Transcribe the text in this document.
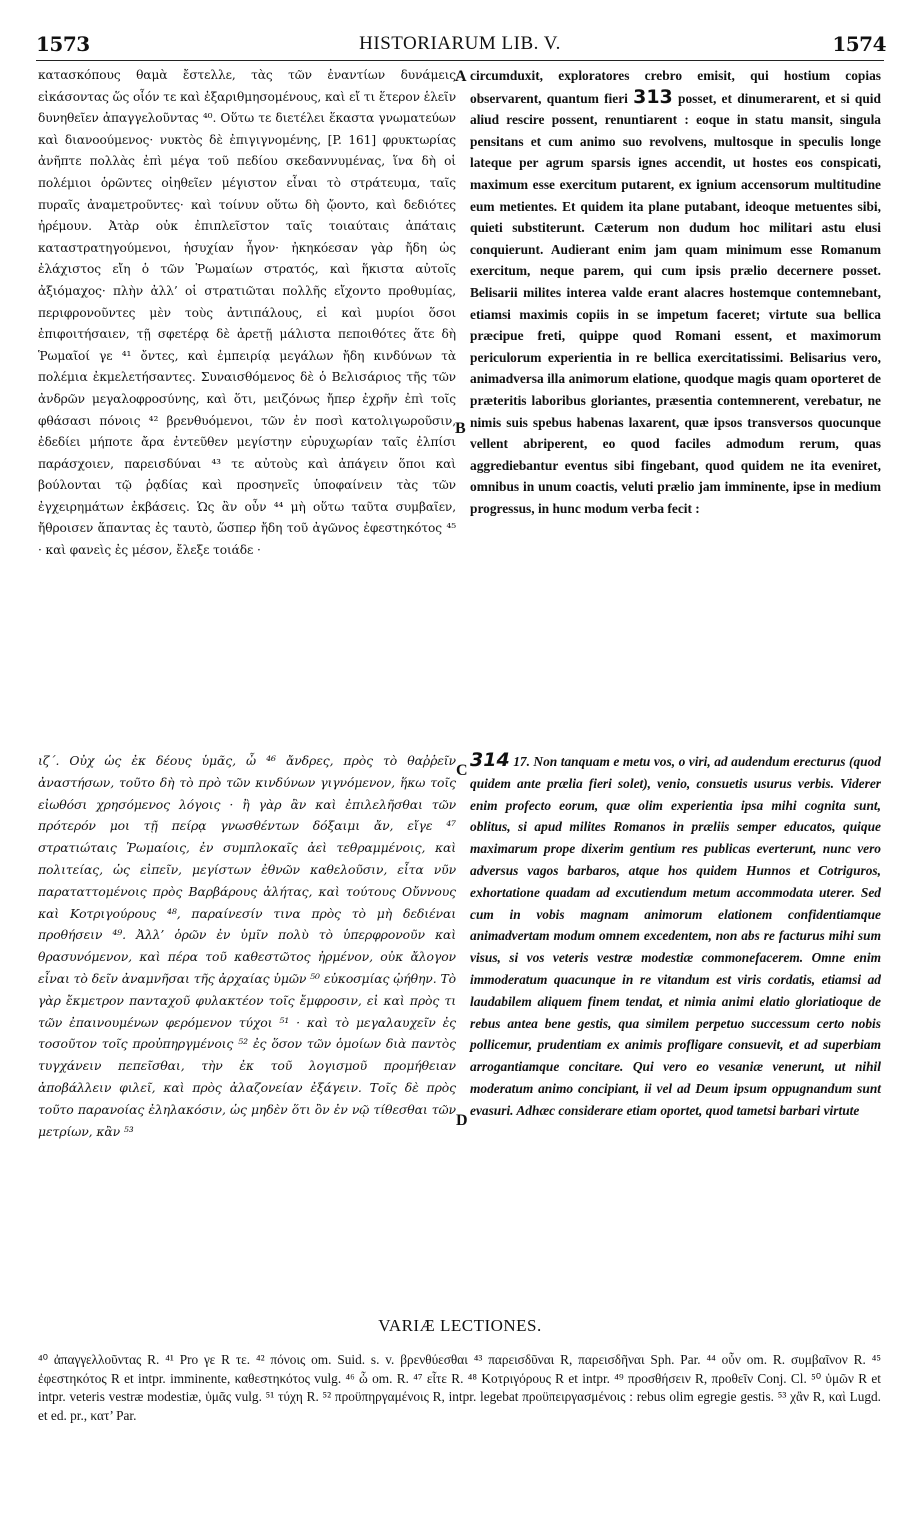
1573	HISTORIARUM LIB. V.	1574
A
B
C
D

κατασκόπους θαμὰ ἔστελλε, τὰς τῶν ἐναντίων δυνάμεις εἰκάσοντας ὥς οἷόν τε καὶ ἐξαριθμησομένους, καὶ εἴ τι ἕτερον ἑλεῖν δυνηθεῖεν ἀπαγγελοῦντας ⁴⁰. Οὕτω τε διετέλει ἕκαστα γνωματεύων καὶ διανοούμενος· νυκτὸς δὲ ἐπιγιγνομένης, [P. 161] φρυκτωρίας ἀνῆπτε πολλὰς ἐπὶ μέγα τοῦ πεδίου σκεδαννυμένας, ἵνα δὴ οἱ πολέμιοι ὁρῶντες οἰηθεῖεν μέγιστον εἶναι τὸ στράτευμα, ταῖς πυραῖς ἀναμετροῦντες· καὶ τοίνυν οὕτω δὴ ᾤοντο, καὶ δεδιότες ἠρέμουν. Ἀτὰρ οὐκ ἐπιπλεῖστον ταῖς τοιαύταις ἀπάταις καταστρατηγούμενοι, ἡσυχίαν ἦγον· ἠκηκόεσαν γὰρ ἤδη ὡς ἐλάχιστος εἴη ὁ τῶν Ῥωμαίων στρατός, καὶ ἥκιστα αὐτοῖς ἀξιόμαχος· πλὴν ἀλλ’ οἱ στρατιῶται πολλῆς εἴχοντο προθυμίας, περιφρονοῦντες μὲν τοὺς ἀντιπάλους, εἰ καὶ μυρίοι ὅσοι ἐπιφοιτήσαιεν, τῇ σφετέρᾳ δὲ ἀρετῇ μάλιστα πεποιθότες ἅτε δὴ Ῥωμαῖοί γε ⁴¹ ὄντες, καὶ ἐμπειρίᾳ μεγάλων ἤδη κινδύνων τὰ πολέμια ἐκμελετήσαντες. Συναισθόμενος δὲ ὁ Βελισάριος τῆς τῶν ἀνδρῶν μεγαλοφροσύνης, καὶ ὅτι, μειζόνως ἤπερ ἐχρῆν ἐπὶ τοῖς φθάσασι πόνοις ⁴² βρενθυόμενοι, τῶν ἐν ποσὶ κατολιγωροῦσιν, ἐδεδίει μήποτε ἄρα ἐντεῦθεν μεγίστην εὐρυχωρίαν ταῖς ἐλπίσι παράσχοιεν, παρεισδύναι ⁴³ τε αὐτοὺς καὶ ἀπάγειν ὅποι καὶ βούλονται τῷ ῥᾳδίας καὶ προσηνεῖς ὑποφαίνειν τὰς τῶν ἐγχειρημάτων ἐκβάσεις. Ὡς ἂν οὖν ⁴⁴ μὴ οὕτω ταῦτα συμβαῖεν, ἤθροισεν ἅπαντας ἐς ταυτὸ, ὥσπερ ἤδη τοῦ ἀγῶνος ἐφεστηκότος ⁴⁵ · καὶ φανεὶς ἐς μέσον, ἔλεξε τοιάδε ·

circumduxit, exploratores crebro emisit, qui hostium copias observarent, quantum fieri 313 posset, et dinumerarent, et si quid aliud rescire possent, renuntiarent : eoque in statu mansit, singula pensitans et cum animo suo revolvens, multosque in speculis longe lateque per agrum sparsis ignes accendit, ut hostes eos conspicati, maximum esse exercitum putarent, ex ignium accensorum multitudine eum metientes. Et quidem ita plane putabant, ideoque metuentes sibi, quieti substiterunt. Cæterum non dudum hoc militari astu elusi conquierunt. Audierant enim jam quam minimum esse Romanum exercitum, neque parem, qui cum ipsis prælio decernere posset. Belisarii milites interea valde erant alacres hostemque contemnebant, etiamsi maximis copiis in se impetum faceret; virtute sua bellica præcipue freti, quippe quod Romani essent, et maximorum periculorum experientia in re bellica exercitatissimi. Belisarius vero, animadversa illa animorum elatione, quodque magis quam oporteret de præteritis laboribus gloriantes, præsentia contemnerent, verebatur, ne nimis suis spebus habenas laxarent, quæ ipsos transversos quocunque vellent abriperent, eo quod faciles admodum rerum, quas aggrediebantur eventus sibi fingebant, quod quidem ne ita eveniret, omnibus in unum coactis, veluti prælio jam imminente, ipse in medium progressus, in hunc modum verba fecit :

ιζ΄. Οὐχ ὡς ἐκ δέους ὑμᾶς, ὦ ⁴⁶ ἄνδρες, πρὸς τὸ θαῤῥεῖν ἀναστήσων, τοῦτο δὴ τὸ πρὸ τῶν κινδύνων γιγνόμενον, ἥκω τοῖς εἰωθόσι χρησόμενος λόγοις · ἢ γὰρ ἂν καὶ ἐπιλελῆσθαι τῶν πρότερόν μοι τῇ πείρᾳ γνωσθέντων δόξαιμι ἄν, εἴγε ⁴⁷ στρατιώταις Ῥωμαίοις, ἐν συμπλοκαῖς ἀεὶ τεθραμμένοις, καὶ πολιτείας, ὡς εἰπεῖν, μεγίστων ἐθνῶν καθελοῦσιν, εἶτα νῦν παραταττομένοις πρὸς Βαρβάρους ἀλήτας, καὶ τούτους Οὔννους καὶ Κοτριγούρους ⁴⁸, παραίνεσίν τινα πρὸς τὸ μὴ δεδιέναι προθήσειν ⁴⁹. Ἀλλ’ ὁρῶν ἐν ὑμῖν πολὺ τὸ ὑπερφρονοῦν καὶ θρασυνόμενον, καὶ πέρα τοῦ καθεστῶτος ἠρμένον, οὐκ ἄλογον εἶναι τὸ δεῖν ἀναμνῆσαι τῆς ἀρχαίας ὑμῶν ⁵⁰ εὐκοσμίας ᾠήθην. Τὸ γὰρ ἔκμετρον πανταχοῦ φυλακτέον τοῖς ἔμφροσιν, εἰ καὶ πρὸς τι τῶν ἐπαινουμένων φερόμενον τύχοι ⁵¹ · καὶ τὸ μεγαλαυχεῖν ἐς τοσοῦτον τοῖς προὐπηργμένοις ⁵² ἐς ὅσον τῶν ὁμοίων διὰ παντὸς τυγχάνειν πεπεῖσθαι, τὴν ἐκ τοῦ λογισμοῦ προμήθειαν ἀποβάλλειν φιλεῖ, καὶ πρὸς ἀλαζονείαν ἐξάγειν. Τοῖς δὲ πρὸς τοῦτο παρανοίας ἐληλακόσιν, ὡς μηδὲν ὅτι ὂν ἐν νῷ τίθεσθαι τῶν μετρίων, κἂν ⁵³

314 17. Non tanquam e metu vos, o viri, ad audendum erecturus (quod quidem ante prælia fieri solet), venio, consuetis usurus verbis. Viderer enim profecto eorum, quæ olim experientia ipsa mihi cognita sunt, oblitus, si apud milites Romanos in præliis semper educatos, quique maximarum prope dixerim gentium res publicas everterunt, nunc vero adversus vagos barbaros, atque hos quidem Hunnos et Cotriguros, exhortatione quadam ad excutiendum metum accommodata uterer. Sed cum in vobis magnam animorum elationem confidentiamque animadvertam modum omnem excedentem, non abs re facturus mihi sum visus, si vos veteris vestræ modestiæ commonefacerem. Omne enim immoderatum quacunque in re vitandum est viris cordatis, etiamsi ad laudabilem aliquem finem tendat, et nimia animi elatio gloriatioque de rebus antea bene gestis, qua similem perpetuo successum certo nobis pollicemur, prudentiam ex animis profligare consuevit, et ad superbiam arrogantiamque concitare. Qui vero eo vesaniæ venerunt, ut nihil moderatum animo concipiant, ii vel ad Deum ipsum oppugnandum sunt evasuri. Adhæc considerare etiam oportet, quod tametsi barbari virtute

VARIÆ LECTIONES.
⁴⁰ ἀπαγγελλοῦντας R. ⁴¹ Pro γε R τε. ⁴² πόνοις om. Suid. s. v. βρενθύεσθαι ⁴³ παρεισδῦναι R, παρεισδῆναι Sph. Par. ⁴⁴ οὖν om. R. συμβαῖνον R. ⁴⁵ ἐφεστηκότος R et intpr. imminente, καθεστηκότος vulg. ⁴⁶ ὦ om. R. ⁴⁷ εἶτε R. ⁴⁸ Κοτριγόρους R et intpr. ⁴⁹ προσθήσειν R, προθεῖν Conj. Cl. ⁵⁰ ὑμῶν R et intpr. veteris vestræ modestiæ, ὑμᾶς vulg. ⁵¹ τύχη R. ⁵² προϋπηργαμένοις R, intpr. legebat προϋπειργασμένοις : rebus olim egregie gestis. ⁵³ χἂν R, καὶ Lugd. et ed. pr., κατ’ Par.
